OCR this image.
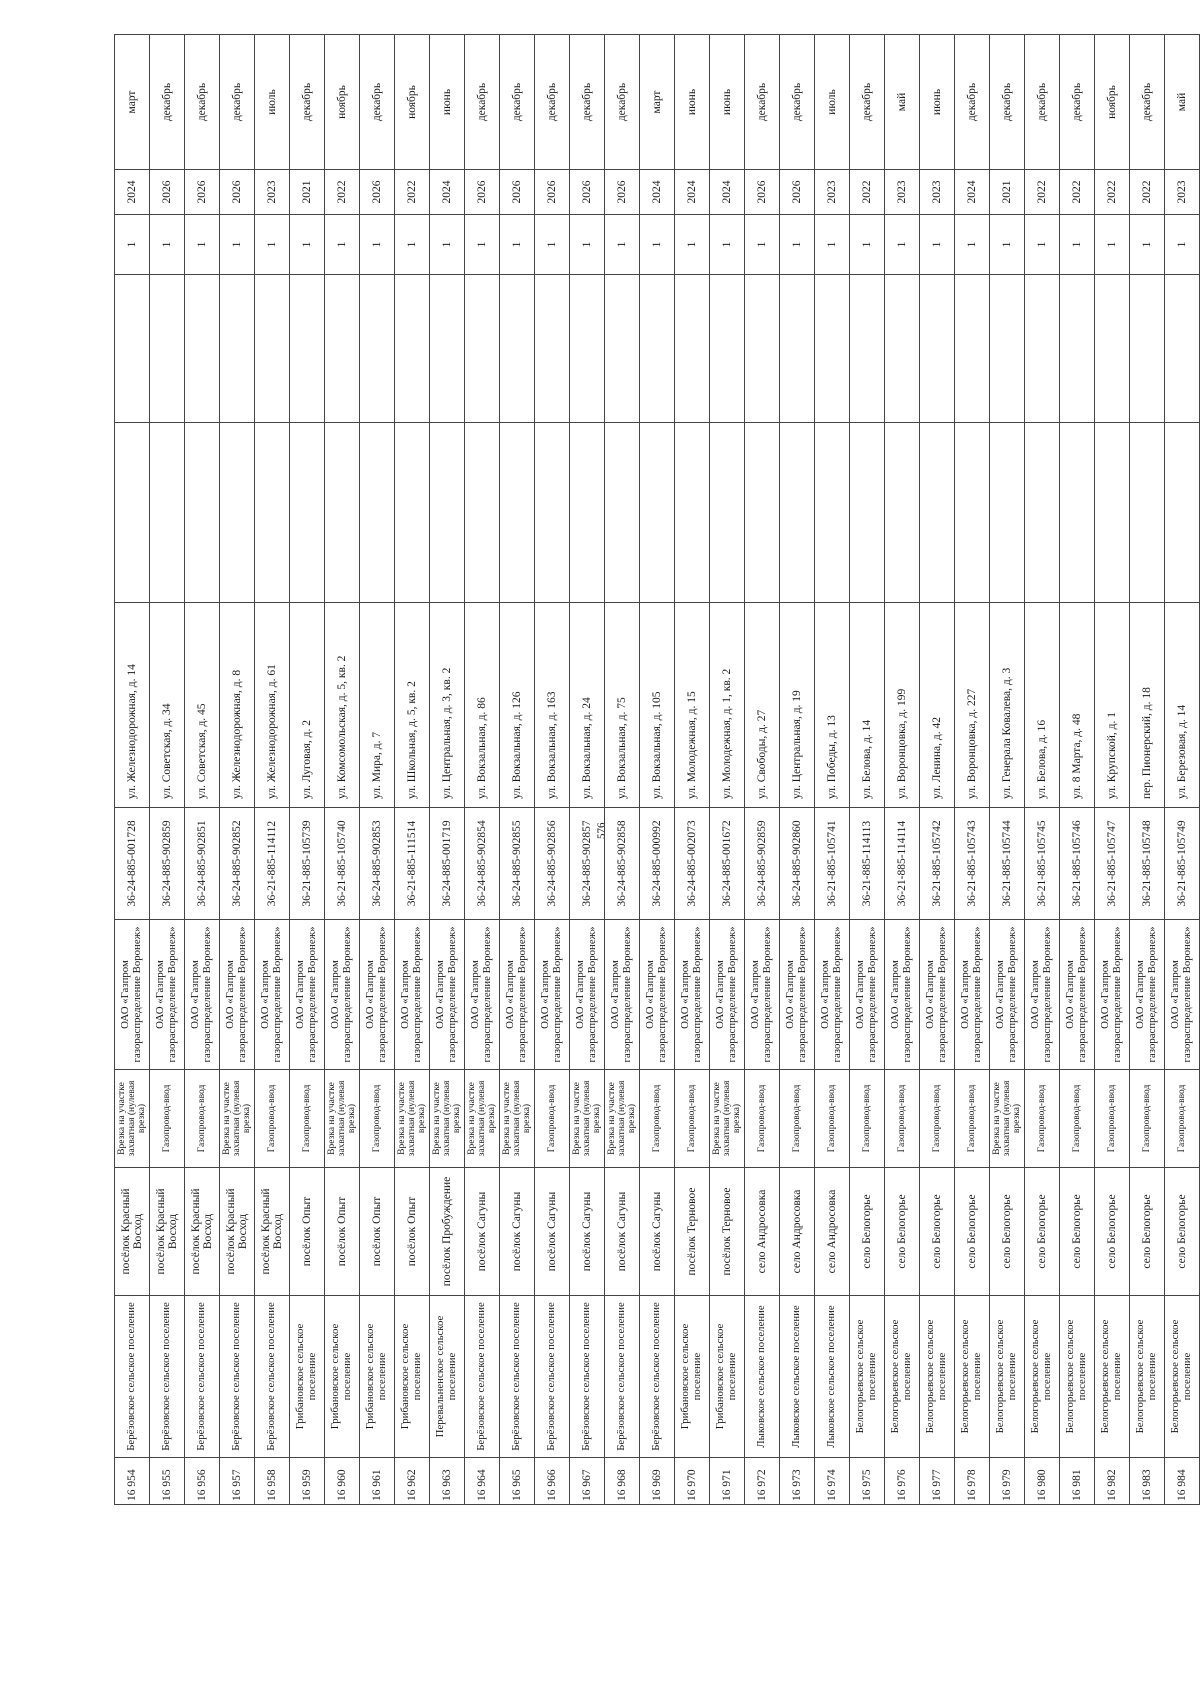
576
16 954	Берёзовское сельское поселение	посёлок Красный Восход	Врезка на участке захватная (нулевая врезка)	ОАО «Газпром газораспределение Воронеж»	36-24-885-001728	ул. Железнодорожная, д. 14			1	2024	март
16 955	Берёзовское сельское поселение	посёлок Красный Восход	Газопровод-ввод	ОАО «Газпром газораспределение Воронеж»	36-24-885-902859	ул. Советская, д. 34			1	2026	декабрь
16 956	Берёзовское сельское поселение	посёлок Красный Восход	Газопровод-ввод	ОАО «Газпром газораспределение Воронеж»	36-24-885-902851	ул. Советская, д. 45			1	2026	декабрь
16 957	Берёзовское сельское поселение	посёлок Красный Восход	Врезка на участке захватная (нулевая врезка)	ОАО «Газпром газораспределение Воронеж»	36-24-885-902852	ул. Железнодорожная, д. 8			1	2026	декабрь
16 958	Берёзовское сельское поселение	посёлок Красный Восход	Газопровод-ввод	ОАО «Газпром газораспределение Воронеж»	36-21-885-114112	ул. Железнодорожная, д. 61			1	2023	июль
16 959	Грибановское сельское поселение	посёлок Опыт	Газопровод-ввод	ОАО «Газпром газораспределение Воронеж»	36-21-885-105739	ул. Луговая, д. 2			1	2021	декабрь
16 960	Грибановское сельское поселение	посёлок Опыт	Врезка на участке захватная (нулевая врезка)	ОАО «Газпром газораспределение Воронеж»	36-21-885-105740	ул. Комсомольская, д. 5, кв. 2			1	2022	ноябрь
16 961	Грибановское сельское поселение	посёлок Опыт	Газопровод-ввод	ОАО «Газпром газораспределение Воронеж»	36-24-885-902853	ул. Мира, д. 7			1	2026	декабрь
16 962	Грибановское сельское поселение	посёлок Опыт	Врезка на участке захватная (нулевая врезка)	ОАО «Газпром газораспределение Воронеж»	36-21-885-111514	ул. Школьная, д. 5, кв. 2			1	2022	ноябрь
16 963	Перевальненское сельское поселение	посёлок Пробуждение	Врезка на участке захватная (нулевая врезка)	ОАО «Газпром газораспределение Воронеж»	36-24-885-001719	ул. Центральная, д. 3, кв. 2			1	2024	июнь
16 964	Берёзовское сельское поселение	посёлок Сагуны	Врезка на участке захватная (нулевая врезка)	ОАО «Газпром газораспределение Воронеж»	36-24-885-902854	ул. Вокзальная, д. 86			1	2026	декабрь
16 965	Берёзовское сельское поселение	посёлок Сагуны	Врезка на участке захватная (нулевая врезка)	ОАО «Газпром газораспределение Воронеж»	36-24-885-902855	ул. Вокзальная, д. 126			1	2026	декабрь
16 966	Берёзовское сельское поселение	посёлок Сагуны	Газопровод-ввод	ОАО «Газпром газораспределение Воронеж»	36-24-885-902856	ул. Вокзальная, д. 163			1	2026	декабрь
16 967	Берёзовское сельское поселение	посёлок Сагуны	Врезка на участке захватная (нулевая врезка)	ОАО «Газпром газораспределение Воронеж»	36-24-885-902857	ул. Вокзальная, д. 24			1	2026	декабрь
16 968	Берёзовское сельское поселение	посёлок Сагуны	Врезка на участке захватная (нулевая врезка)	ОАО «Газпром газораспределение Воронеж»	36-24-885-902858	ул. Вокзальная, д. 75			1	2026	декабрь
16 969	Берёзовское сельское поселение	посёлок Сагуны	Газопровод-ввод	ОАО «Газпром газораспределение Воронеж»	36-24-885-000992	ул. Вокзальная, д. 105			1	2024	март
16 970	Грибановское сельское поселение	посёлок Терновое	Газопровод-ввод	ОАО «Газпром газораспределение Воронеж»	36-24-885-002073	ул. Молодежная, д. 15			1	2024	июнь
16 971	Грибановское сельское поселение	посёлок Терновое	Врезка на участке захватная (нулевая врезка)	ОАО «Газпром газораспределение Воронеж»	36-24-885-001672	ул. Молодежная, д. 1, кв. 2			1	2024	июнь
16 972	Лыковское сельское поселение	село Андросовка	Газопровод-ввод	ОАО «Газпром газораспределение Воронеж»	36-24-885-902859	ул. Свободы, д. 27			1	2026	декабрь
16 973	Лыковское сельское поселение	село Андросовка	Газопровод-ввод	ОАО «Газпром газораспределение Воронеж»	36-24-885-902860	ул. Центральная, д. 19			1	2026	декабрь
16 974	Лыковское сельское поселение	село Андросовка	Газопровод-ввод	ОАО «Газпром газораспределение Воронеж»	36-21-885-105741	ул. Победы, д. 13			1	2023	июль
16 975	Белогорьевское сельское поселение	село Белогорье	Газопровод-ввод	ОАО «Газпром газораспределение Воронеж»	36-21-885-114113	ул. Белова, д. 14			1	2022	декабрь
16 976	Белогорьевское сельское поселение	село Белогорье	Газопровод-ввод	ОАО «Газпром газораспределение Воронеж»	36-21-885-114114	ул. Воронцовка, д. 199			1	2023	май
16 977	Белогорьевское сельское поселение	село Белогорье	Газопровод-ввод	ОАО «Газпром газораспределение Воронеж»	36-21-885-105742	ул. Ленина, д. 42			1	2023	июнь
16 978	Белогорьевское сельское поселение	село Белогорье	Газопровод-ввод	ОАО «Газпром газораспределение Воронеж»	36-21-885-105743	ул. Воронцовка, д. 227			1	2024	декабрь
16 979	Белогорьевское сельское поселение	село Белогорье	Врезка на участке захватная (нулевая врезка)	ОАО «Газпром газораспределение Воронеж»	36-21-885-105744	ул. Генерала Ковалева, д. 3			1	2021	декабрь
16 980	Белогорьевское сельское поселение	село Белогорье	Газопровод-ввод	ОАО «Газпром газораспределение Воронеж»	36-21-885-105745	ул. Белова, д. 16			1	2022	декабрь
16 981	Белогорьевское сельское поселение	село Белогорье	Газопровод-ввод	ОАО «Газпром газораспределение Воронеж»	36-21-885-105746	ул. 8 Марта, д. 48			1	2022	декабрь
16 982	Белогорьевское сельское поселение	село Белогорье	Газопровод-ввод	ОАО «Газпром газораспределение Воронеж»	36-21-885-105747	ул. Крупской, д. 1			1	2022	ноябрь
16 983	Белогорьевское сельское поселение	село Белогорье	Газопровод-ввод	ОАО «Газпром газораспределение Воронеж»	36-21-885-105748	пер. Пионерский, д. 18			1	2022	декабрь
16 984	Белогорьевское сельское поселение	село Белогорье	Газопровод-ввод	ОАО «Газпром газораспределение Воронеж»	36-21-885-105749	ул. Березовая, д. 14			1	2023	май
